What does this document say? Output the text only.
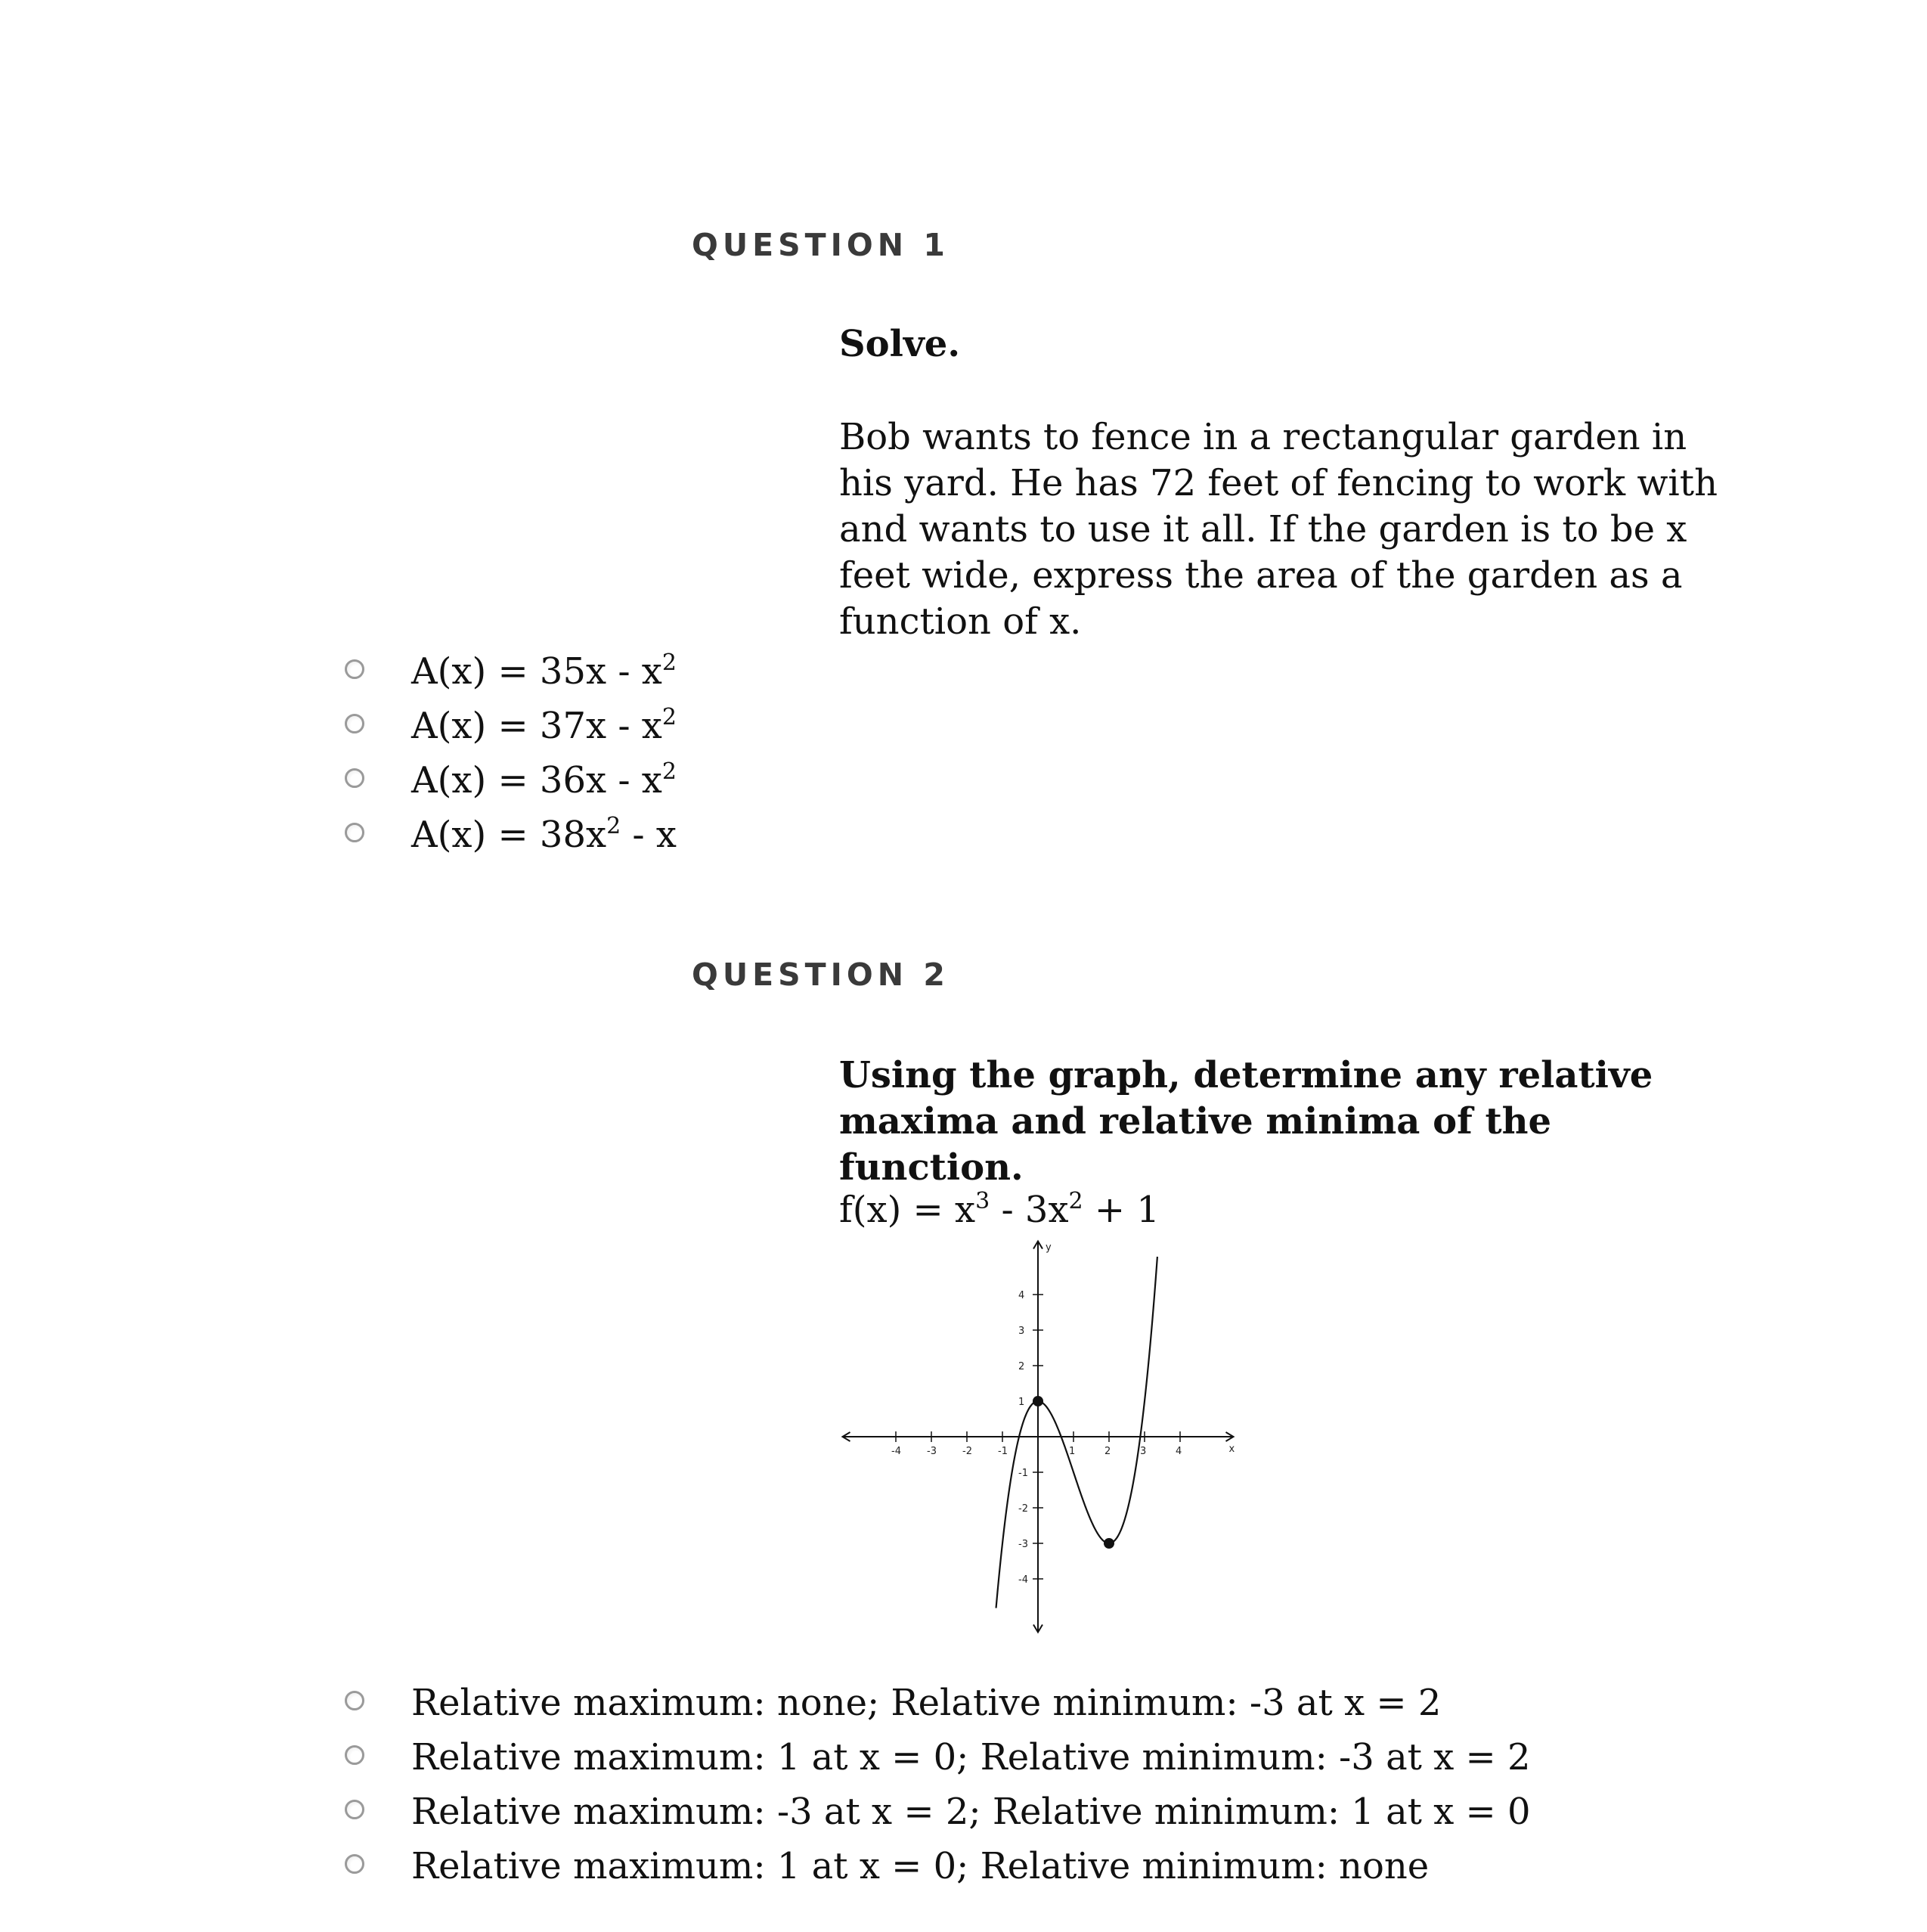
QUESTION 1
Solve.
Bob wants to fence in a rectangular garden in his yard. He has 72 feet of fencing to work with and wants to use it all. If the garden is to be x feet wide, express the area of the garden as a function of x.
$A(x) = 35x - x^2$
$A(x) = 37x - x^2$
$A(x) = 36x - x^2$
$A(x) = 38x^2 - x$
QUESTION 2
Using the graph, determine any relative maxima and relative minima of the function.
$f(x) = x^3 - 3x^2 + 1$
x
y
-4	-3	-2	-1	1	2	3	4
4
3
2
1
-1
-2
-3
-4
Relative maximum: none; Relative minimum: -3 at x = 2
Relative maximum: 1 at x = 0; Relative minimum: -3 at x = 2
Relative maximum: -3 at x = 2; Relative minimum: 1 at x = 0
Relative maximum: 1 at x = 0; Relative minimum: none
